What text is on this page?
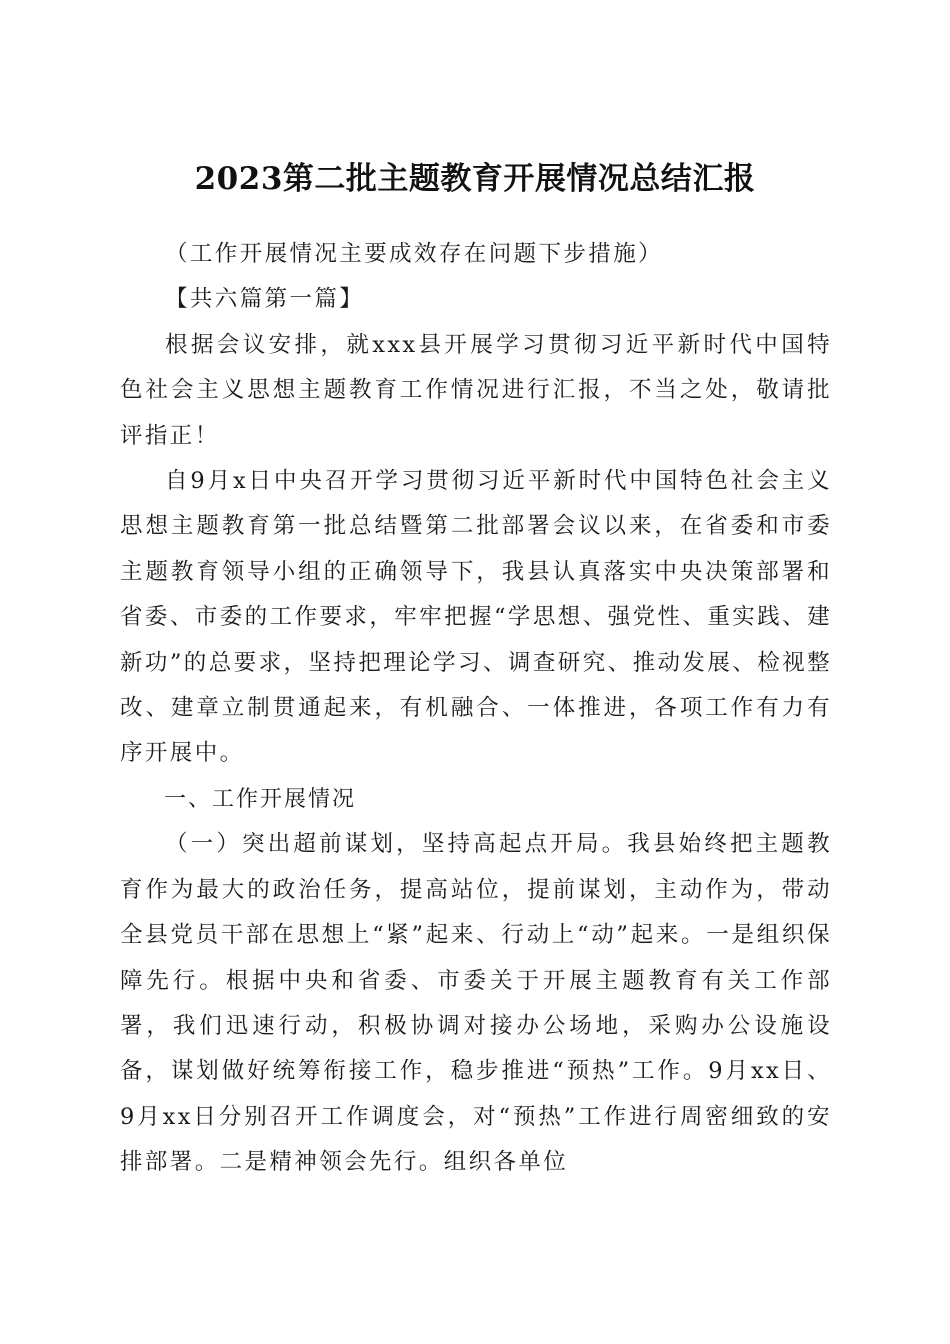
2023第二批主题教育开展情况总结汇报

（工作开展情况主要成效存在问题下步措施）

【共六篇第一篇】

根据会议安排，就xxx县开展学习贯彻习近平新时代中国特色社会主义思想主题教育工作情况进行汇报，不当之处，敬请批评指正！

自9月x日中央召开学习贯彻习近平新时代中国特色社会主义思想主题教育第一批总结暨第二批部署会议以来，在省委和市委主题教育领导小组的正确领导下，我县认真落实中央决策部署和省委、市委的工作要求，牢牢把握“学思想、强党性、重实践、建新功”的总要求，坚持把理论学习、调查研究、推动发展、检视整改、建章立制贯通起来，有机融合、一体推进，各项工作有力有序开展中。

一、工作开展情况

（一）突出超前谋划，坚持高起点开局。我县始终把主题教育作为最大的政治任务，提高站位，提前谋划，主动作为，带动全县党员干部在思想上“紧”起来、行动上“动”起来。一是组织保障先行。根据中央和省委、市委关于开展主题教育有关工作部署，我们迅速行动，积极协调对接办公场地，采购办公设施设备，谋划做好统筹衔接工作，稳步推进“预热”工作。9月xx日、9月xx日分别召开工作调度会，对“预热”工作进行周密细致的安排部署。二是精神领会先行。组织各单位
